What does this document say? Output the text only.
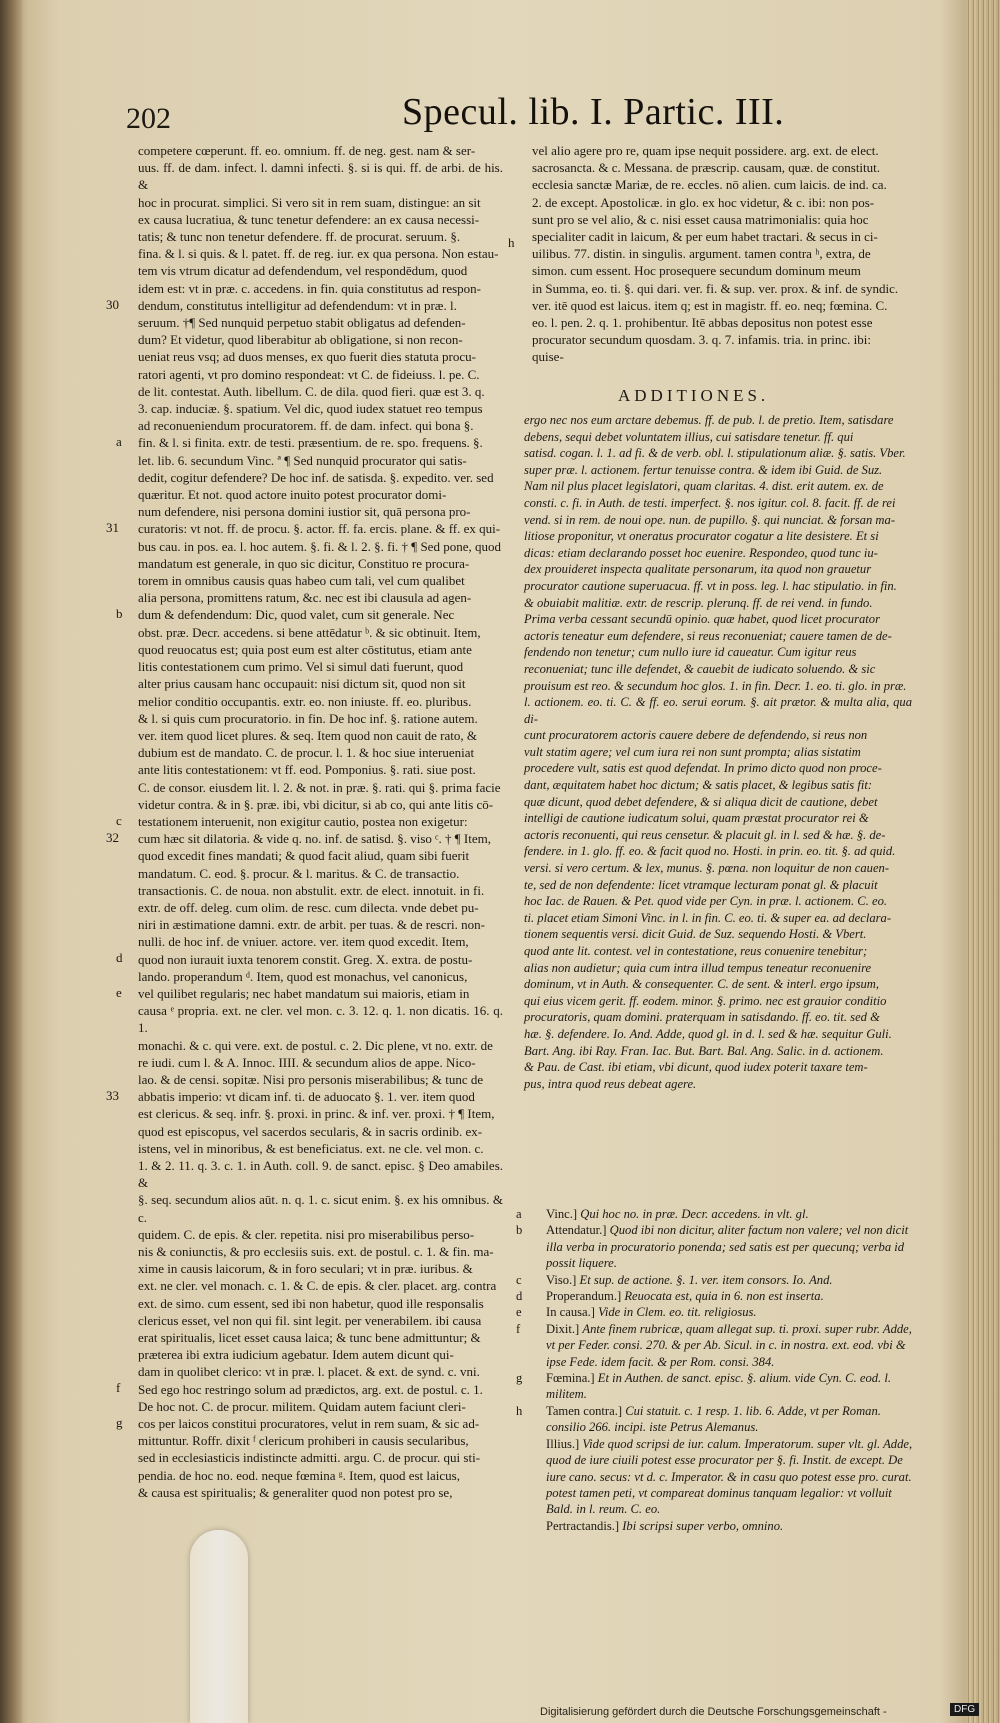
202	Specul. lib. I. Partic. III.
30
a
31
b
c
32
d
e
33
f
g

competere cœperunt. ff. eo. omnium. ff. de neg. gest. nam & ser-

uus. ff. de dam. infect. l. damni infecti. §. si is qui. ff. de arbi. de his. &

hoc in procurat. simplici. Si vero sit in rem suam, distingue: an sit

ex causa lucratiua, & tunc tenetur defendere: an ex causa necessi-

tatis; & tunc non tenetur defendere. ff. de procurat. seruum. §.

fina. & l. si quis. & l. patet. ff. de reg. iur. ex qua persona. Non estau-

tem vis vtrum dicatur ad defendendum, vel respondēdum, quod

idem est: vt in præ. c. accedens. in fin. quia constitutus ad respon-

dendum, constitutus intelligitur ad defendendum: vt in præ. l.

seruum. †¶ Sed nunquid perpetuo stabit obligatus ad defenden-

dum? Et videtur, quod liberabitur ab obligatione, si non recon-

ueniat reus vsq; ad duos menses, ex quo fuerit dies statuta procu-

ratori agenti, vt pro domino respondeat: vt C. de fideiuss. l. pe. C.

de lit. contestat. Auth. libellum. C. de dila. quod fieri. quæ est 3. q.

3. cap. induciæ. §. spatium. Vel dic, quod iudex statuet reo tempus

ad reconueniendum procuratorem. ff. de dam. infect. qui bona §.

fin. & l. si finita. extr. de testi. præsentium. de re. spo. frequens. §.

let. lib. 6. secundum Vinc. ª ¶ Sed nunquid procurator qui satis-

dedit, cogitur defendere? De hoc inf. de satisda. §. expedito. ver. sed

quæritur. Et not. quod actore inuito potest procurator domi-

num defendere, nisi persona domini iustior sit, quā persona pro-

curatoris: vt not. ff. de procu. §. actor. ff. fa. ercis. plane. & ff. ex qui-

bus cau. in pos. ea. l. hoc autem. §. fi. & l. 2. §. fi. † ¶ Sed pone, quod

mandatum est generale, in quo sic dicitur, Constituo re procura-

torem in omnibus causis quas habeo cum tali, vel cum qualibet

alia persona, promittens ratum, &c. nec est ibi clausula ad agen-

dum & defendendum: Dic, quod valet, cum sit generale. Nec

obst. præ. Decr. accedens. si bene attēdatur ᵇ. & sic obtinuit. Item,

quod reuocatus est; quia post eum est alter cōstitutus, etiam ante

litis contestationem cum primo. Vel si simul dati fuerunt, quod

alter prius causam hanc occupauit: nisi dictum sit, quod non sit

melior conditio occupantis. extr. eo. non iniuste. ff. eo. pluribus.

& l. si quis cum procuratorio. in fin. De hoc inf. §. ratione autem.

ver. item quod licet plures. & seq. Item quod non cauit de rato, &

dubium est de mandato. C. de procur. l. 1. & hoc siue interueniat

ante litis contestationem: vt ff. eod. Pomponius. §. rati. siue post.

C. de consor. eiusdem lit. l. 2. & not. in præ. §. rati. qui §. prima facie

videtur contra. & in §. præ. ibi, vbi dicitur, si ab co, qui ante litis cō-

testationem interuenit, non exigitur cautio, postea non exigetur:

cum hæc sit dilatoria. & vide q. no. inf. de satisd. §. viso ᶜ. † ¶ Item,

quod excedit fines mandati; & quod facit aliud, quam sibi fuerit

mandatum. C. eod. §. procur. & l. maritus. & C. de transactio.

transactionis. C. de noua. non abstulit. extr. de elect. innotuit. in fi.

extr. de off. deleg. cum olim. de resc. cum dilecta. vnde debet pu-

niri in æstimatione damni. extr. de arbit. per tuas. & de rescri. non-

nulli. de hoc inf. de vniuer. actore. ver. item quod excedit. Item,

quod non iurauit iuxta tenorem constit. Greg. X. extra. de postu-

lando. properandum ᵈ. Item, quod est monachus, vel canonicus,

vel quilibet regularis; nec habet mandatum sui maioris, etiam in

causa ᵉ propria. ext. ne cler. vel mon. c. 3. 12. q. 1. non dicatis. 16. q. 1.

monachi. & c. qui vere. ext. de postul. c. 2. Dic plene, vt no. extr. de

re iudi. cum l. & A. Innoc. IIII. & secundum alios de appe. Nico-

lao. & de censi. sopitæ. Nisi pro personis miserabilibus; & tunc de

abbatis imperio: vt dicam inf. ti. de aduocato §. 1. ver. item quod

est clericus. & seq. infr. §. proxi. in princ. & inf. ver. proxi. † ¶ Item,

quod est episcopus, vel sacerdos secularis, & in sacris ordinib. ex-

istens, vel in minoribus, & est beneficiatus. ext. ne cle. vel mon. c.

1. & 2. 11. q. 3. c. 1. in Auth. coll. 9. de sanct. episc. § Deo amabiles. &

§. seq. secundum alios aūt. n. q. 1. c. sicut enim. §. ex his omnibus. & c.

quidem. C. de epis. & cler. repetita. nisi pro miserabilibus perso-

nis & coniunctis, & pro ecclesiis suis. ext. de postul. c. 1. & fin. ma-

xime in causis laicorum, & in foro seculari; vt in præ. iuribus. &

ext. ne cler. vel monach. c. 1. & C. de epis. & cler. placet. arg. contra

ext. de simo. cum essent, sed ibi non habetur, quod ille responsalis

clericus esset, vel non qui fil. sint legit. per venerabilem. ibi causa

erat spiritualis, licet esset causa laica; & tunc bene admittuntur; &

præterea ibi extra iudicium agebatur. Idem autem dicunt qui-

dam in quolibet clerico: vt in præ. l. placet. & ext. de synd. c. vni.

Sed ego hoc restringo solum ad prædictos, arg. ext. de postul. c. 1.

De hoc not. C. de procur. militem. Quidam autem faciunt cleri-

cos per laicos constitui procuratores, velut in rem suam, & sic ad-

mittuntur. Roffr. dixit ᶠ clericum prohiberi in causis secularibus,

sed in ecclesiasticis indistincte admitti. argu. C. de procur. qui sti-

pendia. de hoc no. eod. neque fœmina ᵍ. Item, quod est laicus,

& causa est spiritualis; & generaliter quod non potest pro se,

h

vel alio agere pro re, quam ipse nequit possidere. arg. ext. de elect.

sacrosancta. & c. Messana. de præscrip. causam, quæ. de constitut.

ecclesia sanctæ Mariæ, de re. eccles. nō alien. cum laicis. de ind. ca.

2. de except. Apostolicæ. in glo. ex hoc videtur, & c. ibi: non pos-

sunt pro se vel alio, & c. nisi esset causa matrimonialis: quia hoc

specialiter cadit in laicum, & per eum habet tractari. & secus in ci-

uilibus. 77. distin. in singulis. argument. tamen contra ʰ, extra, de

simon. cum essent. Hoc prosequere secundum dominum meum

in Summa, eo. ti. §. qui dari. ver. fi. & sup. ver. prox. & inf. de syndic.

ver. itē quod est laicus. item q; est in magistr. ff. eo. neq; fœmina. C.

eo. l. pen. 2. q. 1. prohibentur. Itē abbas depositus non potest esse

procurator secundum quosdam. 3. q. 7. infamis. tria. in princ. ibi:

quise-

ADDITIONES.

ergo nec nos eum arctare debemus. ff. de pub. l. de pretio. Item, satisdare

debens, sequi debet voluntatem illius, cui satisdare tenetur. ff. qui

satisd. cogan. l. 1. ad fi. & de verb. obl. l. stipulationum aliæ. §. satis. Vber.

super præ. l. actionem. fertur tenuisse contra. & idem ibi Guid. de Suz.

Nam nil plus placet legislatori, quam claritas. 4. dist. erit autem. ex. de

consti. c. fi. in Auth. de testi. imperfect. §. nos igitur. col. 8. facit. ff. de rei

vend. si in rem. de noui ope. nun. de pupillo. §. qui nunciat. & forsan ma-

litiose proponitur, vt oneratus procurator cogatur a lite desistere. Et si

dicas: etiam declarando posset hoc euenire. Respondeo, quod tunc iu-

dex prouideret inspecta qualitate personarum, ita quod non grauetur

procurator cautione superuacua. ff. vt in poss. leg. l. hac stipulatio. in fin.

& obuiabit malitiæ. extr. de rescrip. plerunq. ff. de rei vend. in fundo.

Prima verba cessant secundū opinio. quæ habet, quod licet procurator

actoris teneatur eum defendere, si reus reconueniat; cauere tamen de de-

fendendo non tenetur; cum nullo iure id caueatur. Cum igitur reus

reconueniat; tunc ille defendet, & cauebit de iudicato soluendo. & sic

prouisum est reo. & secundum hoc glos. 1. in fin. Decr. 1. eo. ti. glo. in præ.

l. actionem. eo. ti. C. & ff. eo. serui eorum. §. ait prætor. & multa alia, qua di-

cunt procuratorem actoris cauere debere de defendendo, si reus non

vult statim agere; vel cum iura rei non sunt prompta; alias sistatim

procedere vult, satis est quod defendat. In primo dicto quod non proce-

dant, æquitatem habet hoc dictum; & satis placet, & legibus satis fit:

quæ dicunt, quod debet defendere, & si aliqua dicit de cautione, debet

intelligi de cautione iudicatum solui, quam præstat procurator rei &

actoris reconuenti, qui reus censetur. & placuit gl. in l. sed & hæ. §. de-

fendere. in 1. glo. ff. eo. & facit quod no. Hosti. in prin. eo. tit. §. ad quid.

versi. si vero certum. & lex, munus. §. pœna. non loquitur de non cauen-

te, sed de non defendente: licet vtramque lecturam ponat gl. & placuit

hoc Iac. de Rauen. & Pet. quod vide per Cyn. in præ. l. actionem. C. eo.

ti. placet etiam Simoni Vinc. in l. in fin. C. eo. ti. & super ea. ad declara-

tionem sequentis versi. dicit Guid. de Suz. sequendo Hosti. & Vbert.

quod ante lit. contest. vel in contestatione, reus conuenire tenebitur;

alias non audietur; quia cum intra illud tempus teneatur reconuenire

dominum, vt in Auth. & consequenter. C. de sent. & interl. ergo ipsum,

qui eius vicem gerit. ff. eodem. minor. §. primo. nec est grauior conditio

procuratoris, quam domini. praterquam in satisdando. ff. eo. tit. sed &

hæ. §. defendere. Io. And. Adde, quod gl. in d. l. sed & hæ. sequitur Guli.

Bart. Ang. ibi Ray. Fran. Iac. But. Bart. Bal. Ang. Salic. in d. actionem.

& Pau. de Cast. ibi etiam, vbi dicunt, quod iudex poterit taxare tem-

pus, intra quod reus debeat agere.

a	Vinc.] Qui hoc no. in præ. Decr. accedens. in vlt. gl.
b	Attendatur.] Quod ibi non dicitur, aliter factum non valere; vel non dicit illa verba in procuratorio ponenda; sed satis est per quecunq; verba id possit liquere.
c	Viso.] Et sup. de actione. §. 1. ver. item consors. Io. And.
d	Properandum.] Reuocata est, quia in 6. non est inserta.
e	In causa.] Vide in Clem. eo. tit. religiosus.
f	Dixit.] Ante finem rubricæ, quam allegat sup. ti. proxi. super rubr. Adde, vt per Feder. consi. 270. & per Ab. Sicul. in c. in nostra. ext. eod. vbi & ipse Fede. idem facit. & per Rom. consi. 384.
g	Fœmina.] Et in Authen. de sanct. episc. §. alium. vide Cyn. C. eod. l. militem.
h	Tamen contra.] Cui statuit. c. 1 resp. 1. lib. 6. Adde, vt per Roman. consilio 266. incipi. iste Petrus Alemanus.
Illius.] Vide quod scripsi de iur. calum. Imperatorum. super vlt. gl. Adde, quod de iure ciuili potest esse procurator per §. fi. Instit. de except. De iure cano. secus: vt d. c. Imperator. & in casu quo potest esse pro. curat. potest tamen peti, vt compareat dominus tanquam legalior: vt volluit Bald. in l. reum. C. eo.
Pertractandis.] Ibi scripsi super verbo, omnino.
Digitalisierung gefördert durch die Deutsche Forschungsgemeinschaft -	DFG
